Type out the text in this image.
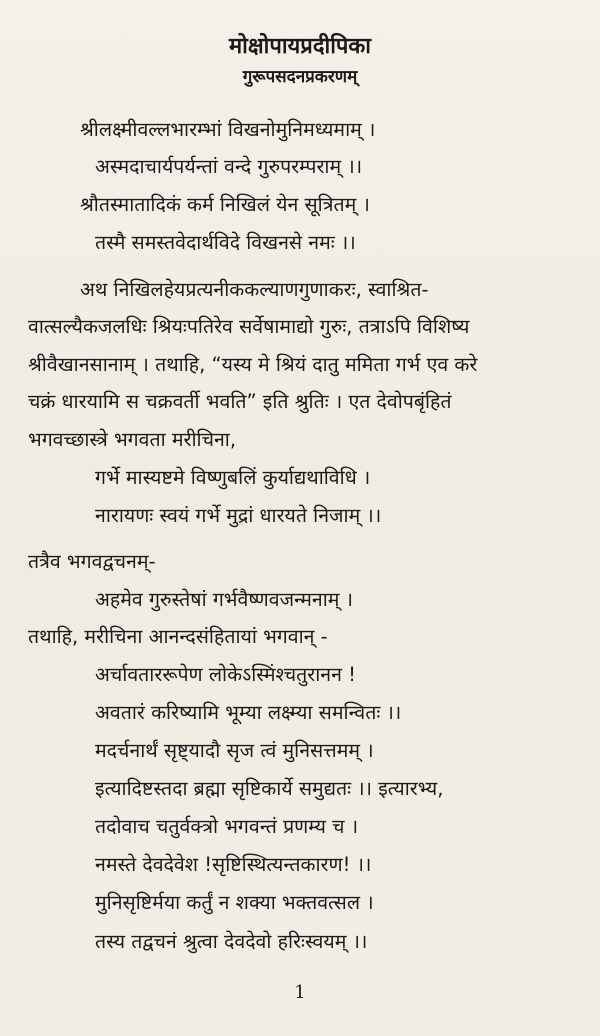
मोक्षोपायप्रदीपिका
गुरूपसदनप्रकरणम्
श्रीलक्ष्मीवल्लभारम्भां विखनोमुनिमध्यमाम् ।
अस्मदाचार्यपर्यन्तां वन्दे गुरुपरम्पराम् ।।
श्रौतस्मातादिकं कर्म निखिलं येन सूत्रितम् ।
तस्मै समस्तवेदार्थविदे विखनसे नमः ।।
अथ निखिलहेयप्रत्यनीककल्याणगुणाकरः, स्वाश्रित-
वात्सल्यैकजलधिः श्रियःपतिरेव सर्वेषामाद्यो गुरुः, तत्राऽपि विशिष्य
श्रीवैखानसानाम् । तथाहि, “यस्य मे श्रियं दातु ममिता गर्भ एव करे
चक्रं धारयामि स चक्रवर्ती भवति” इति श्रुतिः । एत देवोपबृंहितं
भगवच्छास्त्रे भगवता मरीचिना,
गर्भे मास्यष्टमे विष्णुबलिं कुर्याद्यथाविधि ।
नारायणः स्वयं गर्भे मुद्रां धारयते निजाम् ।।
तत्रैव भगवद्वचनम्-
अहमेव गुरुस्तेषां गर्भवैष्णवजन्मनाम् ।
तथाहि, मरीचिना आनन्दसंहितायां भगवान् -
अर्चावताररूपेण लोकेऽस्मिंश्चतुरानन !
अवतारं करिष्यामि भूम्या लक्ष्म्या समन्वितः ।।
मदर्चनार्थं सृष्ट्यादौ सृज त्वं मुनिसत्तमम् ।
इत्यादिष्टस्तदा ब्रह्मा सृष्टिकार्ये समुद्यतः ।। इत्यारभ्य,
तदोवाच चतुर्वक्त्रो भगवन्तं प्रणम्य च ।
नमस्ते देवदेवेश !सृष्टिस्थित्यन्तकारण! ।।
मुनिसृष्टिर्मया कर्तुं न शक्या भक्तवत्सल ।
तस्य तद्वचनं श्रुत्वा देवदेवो हरिःस्वयम् ।।
1
